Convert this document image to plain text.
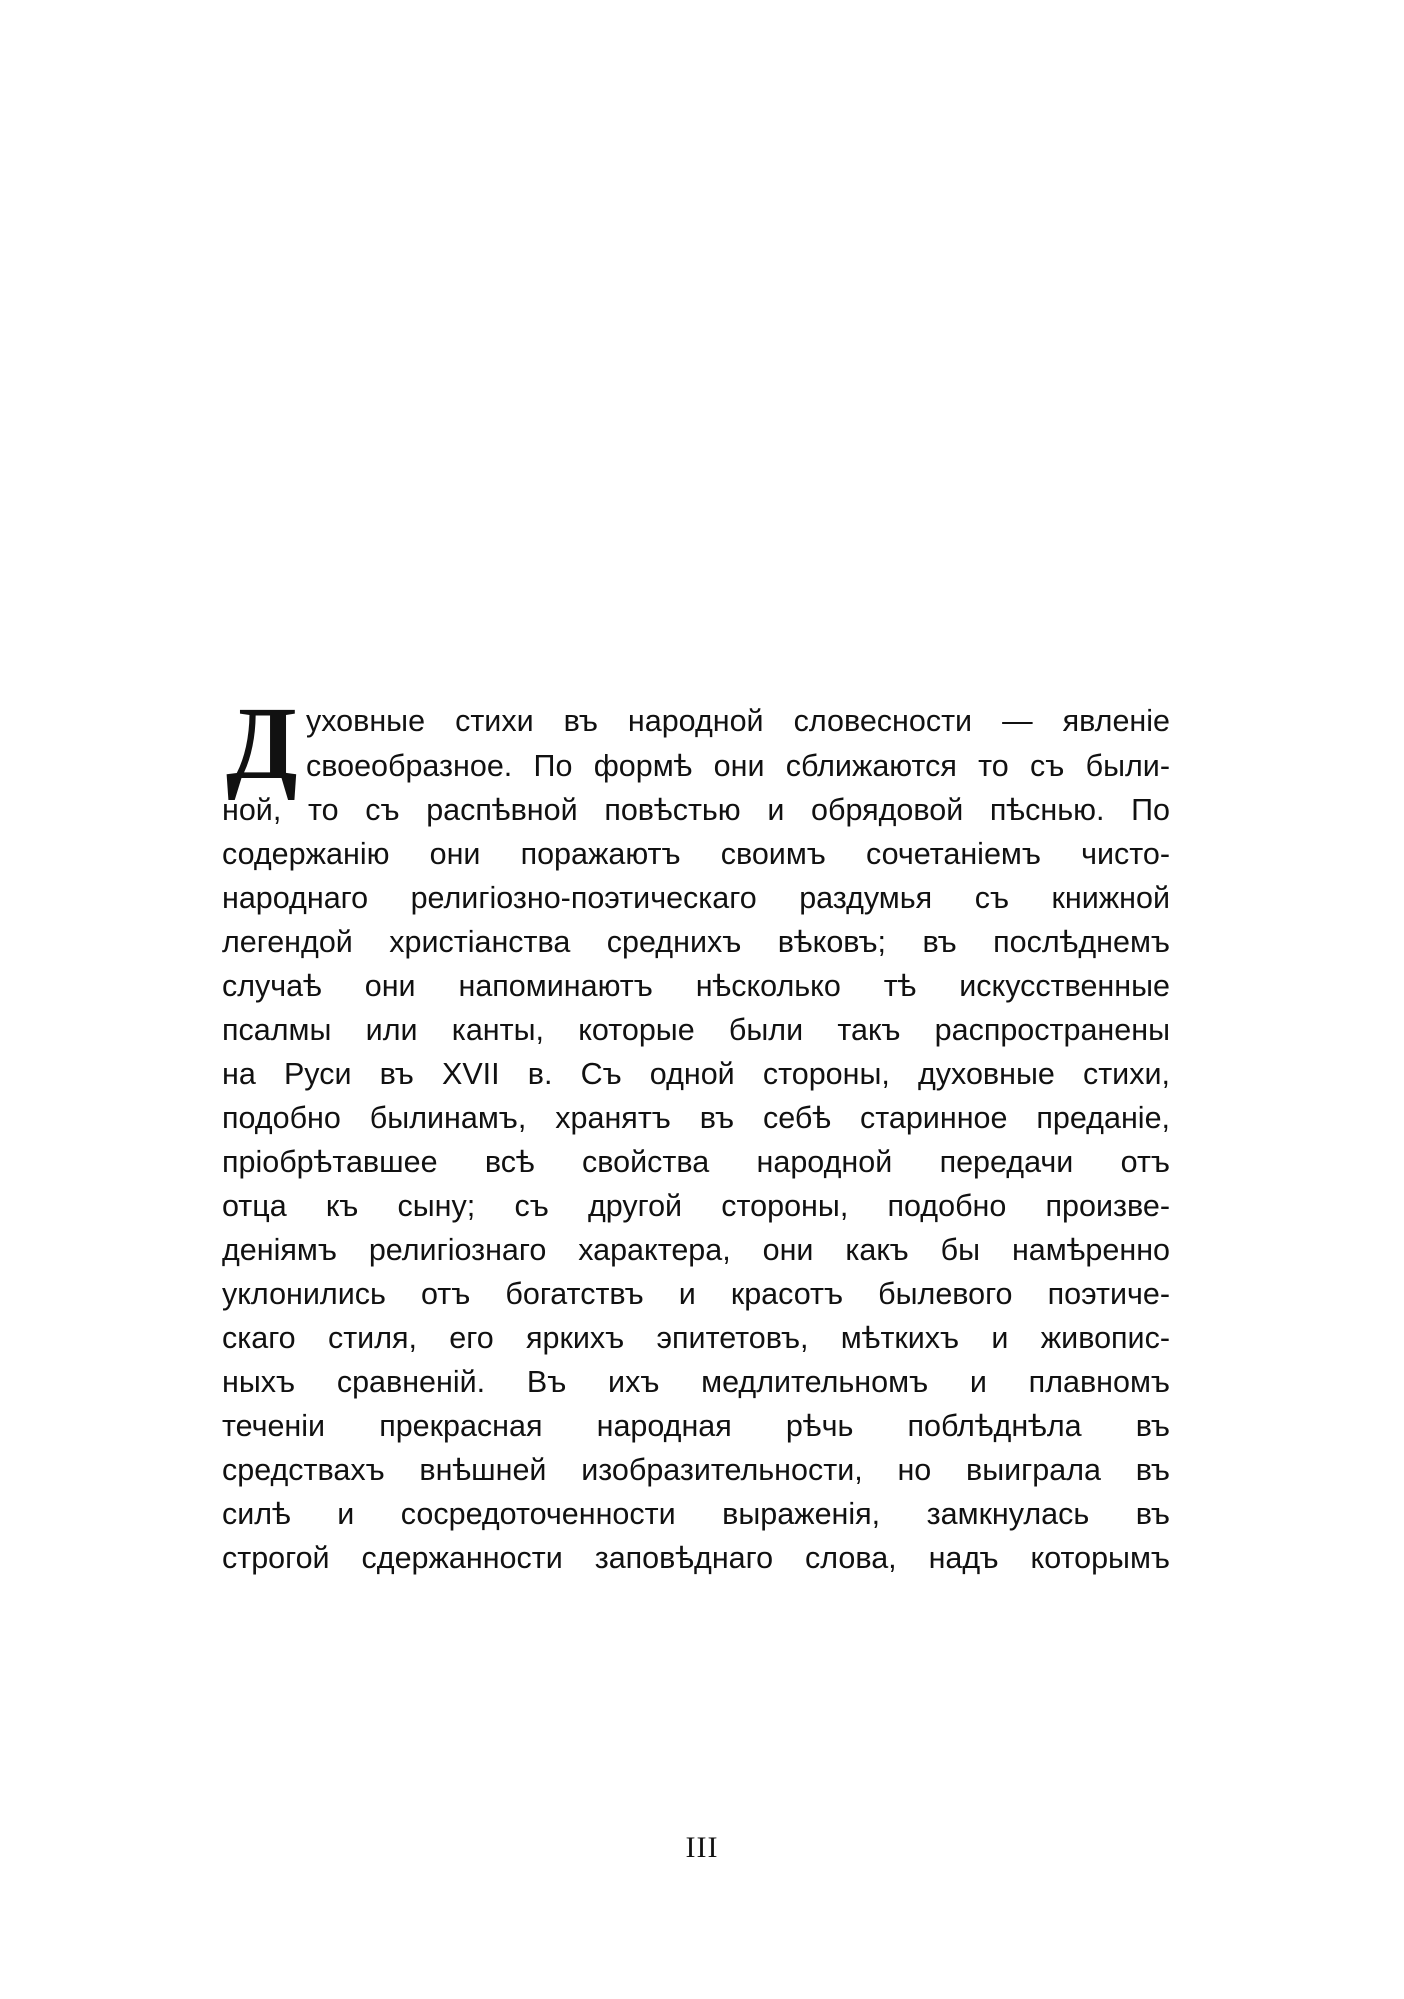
Д уховные стихи въ народной словесности — явленіе
своеобразное. По формѣ они сближаются то съ были-
ной, то съ распѣвной повѣстью и обрядовой пѣснью. По
содержанію они поражаютъ своимъ сочетаніемъ чисто-
народнаго религіозно-поэтическаго раздумья съ книжной
легендой христіанства среднихъ вѣковъ; въ послѣднемъ
случаѣ они напоминаютъ нѣсколько тѣ искусственные
псалмы или канты, которые были такъ распространены
на Руси въ XVII в. Съ одной стороны, духовные стихи,
подобно былинамъ, хранятъ въ себѣ старинное преданіе,
пріобрѣтавшее всѣ свойства народной передачи отъ
отца къ сыну; съ другой стороны, подобно произве-
деніямъ религіознаго характера, они какъ бы намѣренно
уклонились отъ богатствъ и красотъ былевого поэтиче-
скаго стиля, его яркихъ эпитетовъ, мѣткихъ и живопис-
ныхъ сравненій. Въ ихъ медлительномъ и плавномъ
теченіи прекрасная народная рѣчь поблѣднѣла въ
средствахъ внѣшней изобразительности, но выиграла въ
силѣ и сосредоточенности выраженія, замкнулась въ
строгой сдержанности заповѣднаго слова, надъ которымъ
III
